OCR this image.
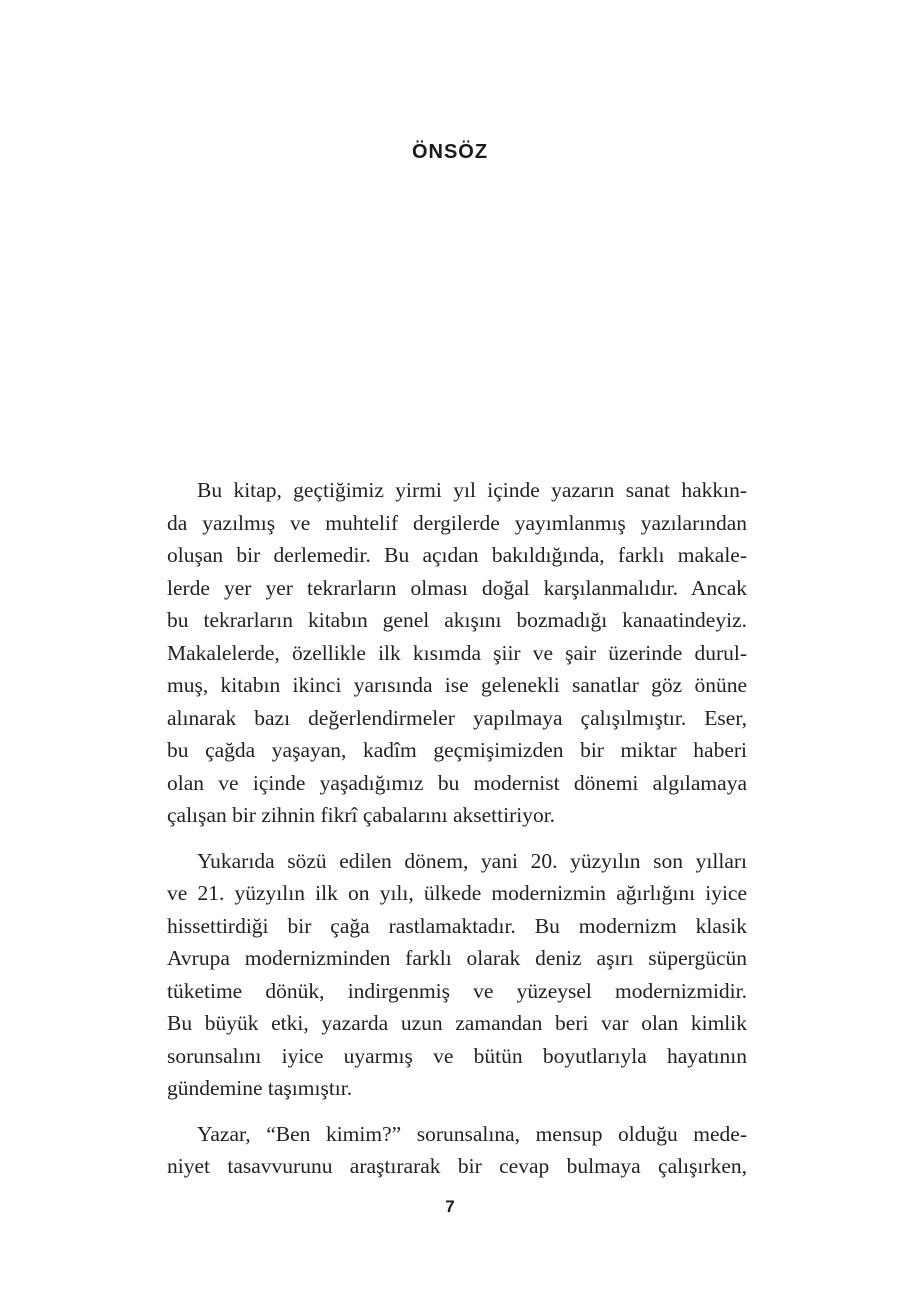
ÖNSÖZ

Bu kitap, geçtiğimiz yirmi yıl içinde yazarın sanat hakkın-
da yazılmış ve muhtelif dergilerde yayımlanmış yazılarından
oluşan bir derlemedir. Bu açıdan bakıldığında, farklı makale-
lerde yer yer tekrarların olması doğal karşılanmalıdır. Ancak
bu tekrarların kitabın genel akışını bozmadığı kanaatindeyiz.
Makalelerde, özellikle ilk kısımda şiir ve şair üzerinde durul-
muş, kitabın ikinci yarısında ise gelenekli sanatlar göz önüne
alınarak bazı değerlendirmeler yapılmaya çalışılmıştır. Eser,
bu çağda yaşayan, kadîm geçmişimizden bir miktar haberi
olan ve içinde yaşadığımız bu modernist dönemi algılamaya
çalışan bir zihnin fikrî çabalarını aksettiriyor.

Yukarıda sözü edilen dönem, yani 20. yüzyılın son yılları
ve 21. yüzyılın ilk on yılı, ülkede modernizmin ağırlığını iyice
hissettirdiği bir çağa rastlamaktadır. Bu modernizm klasik
Avrupa modernizminden farklı olarak deniz aşırı süpergücün
tüketime dönük, indirgenmiş ve yüzeysel modernizmidir.
Bu büyük etki, yazarda uzun zamandan beri var olan kimlik
sorunsalını iyice uyarmış ve bütün boyutlarıyla hayatının
gündemine taşımıştır.

Yazar, “Ben kimim?” sorunsalına, mensup olduğu mede-
niyet tasavvurunu araştırarak bir cevap bulmaya çalışırken,

7
